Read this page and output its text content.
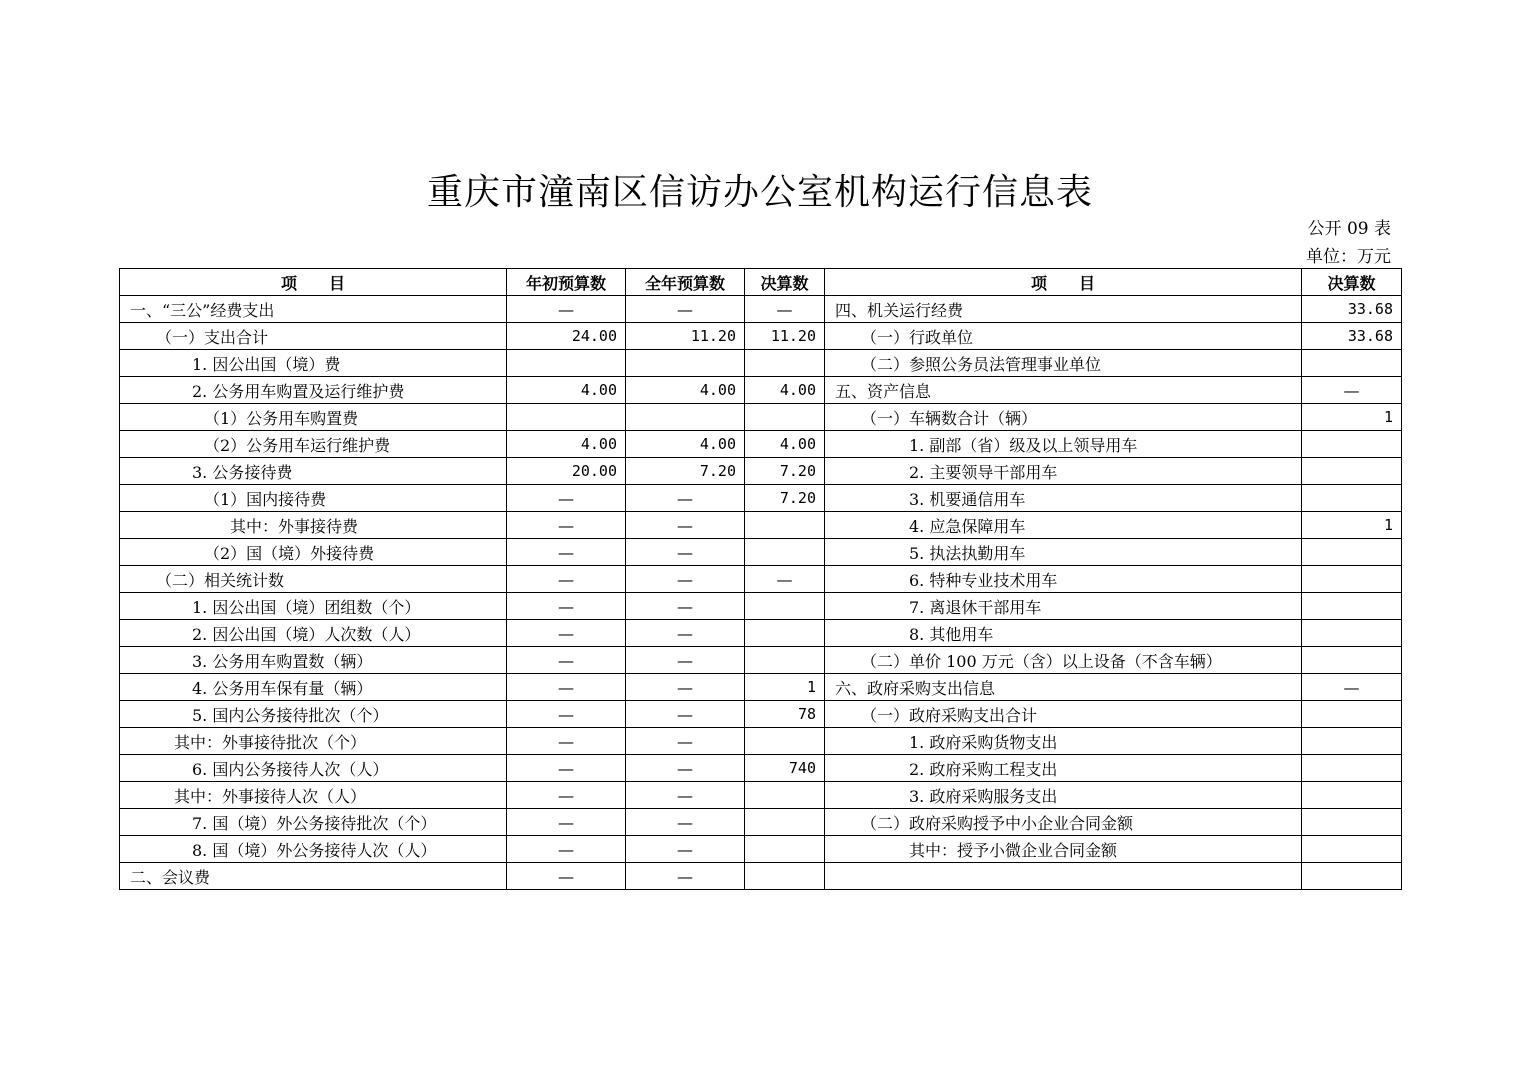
重庆市潼南区信访办公室机构运行信息表
公开 09 表
单位：万元
项　　目	年初预算数	全年预算数	决算数	项　　目	决算数
一、“三公”经费支出	—	—	—	四、机关运行经费	33.68
（一）支出合计	24.00	11.20	11.20	（一）行政单位	33.68
1. 因公出国（境）费				（二）参照公务员法管理事业单位	
2. 公务用车购置及运行维护费	4.00	4.00	4.00	五、资产信息	—
（1）公务用车购置费				（一）车辆数合计（辆）	1
（2）公务用车运行维护费	4.00	4.00	4.00	1. 副部（省）级及以上领导用车	
3. 公务接待费	20.00	7.20	7.20	2. 主要领导干部用车	
（1）国内接待费	—	—	7.20	3. 机要通信用车	
其中：外事接待费	—	—		4. 应急保障用车	1
（2）国（境）外接待费	—	—		5. 执法执勤用车	
（二）相关统计数	—	—	—	6. 特种专业技术用车	
1. 因公出国（境）团组数（个）	—	—		7. 离退休干部用车	
2. 因公出国（境）人次数（人）	—	—		8. 其他用车	
3. 公务用车购置数（辆）	—	—		（二）单价 100 万元（含）以上设备（不含车辆）	
4. 公务用车保有量（辆）	—	—	1	六、政府采购支出信息	—
5. 国内公务接待批次（个）	—	—	78	（一）政府采购支出合计	
其中：外事接待批次（个）	—	—		1. 政府采购货物支出	
6. 国内公务接待人次（人）	—	—	740	2. 政府采购工程支出	
其中：外事接待人次（人）	—	—		3. 政府采购服务支出	
7. 国（境）外公务接待批次（个）	—	—		（二）政府采购授予中小企业合同金额	
8. 国（境）外公务接待人次（人）	—	—		其中：授予小微企业合同金额	
二、会议费	—	—			
